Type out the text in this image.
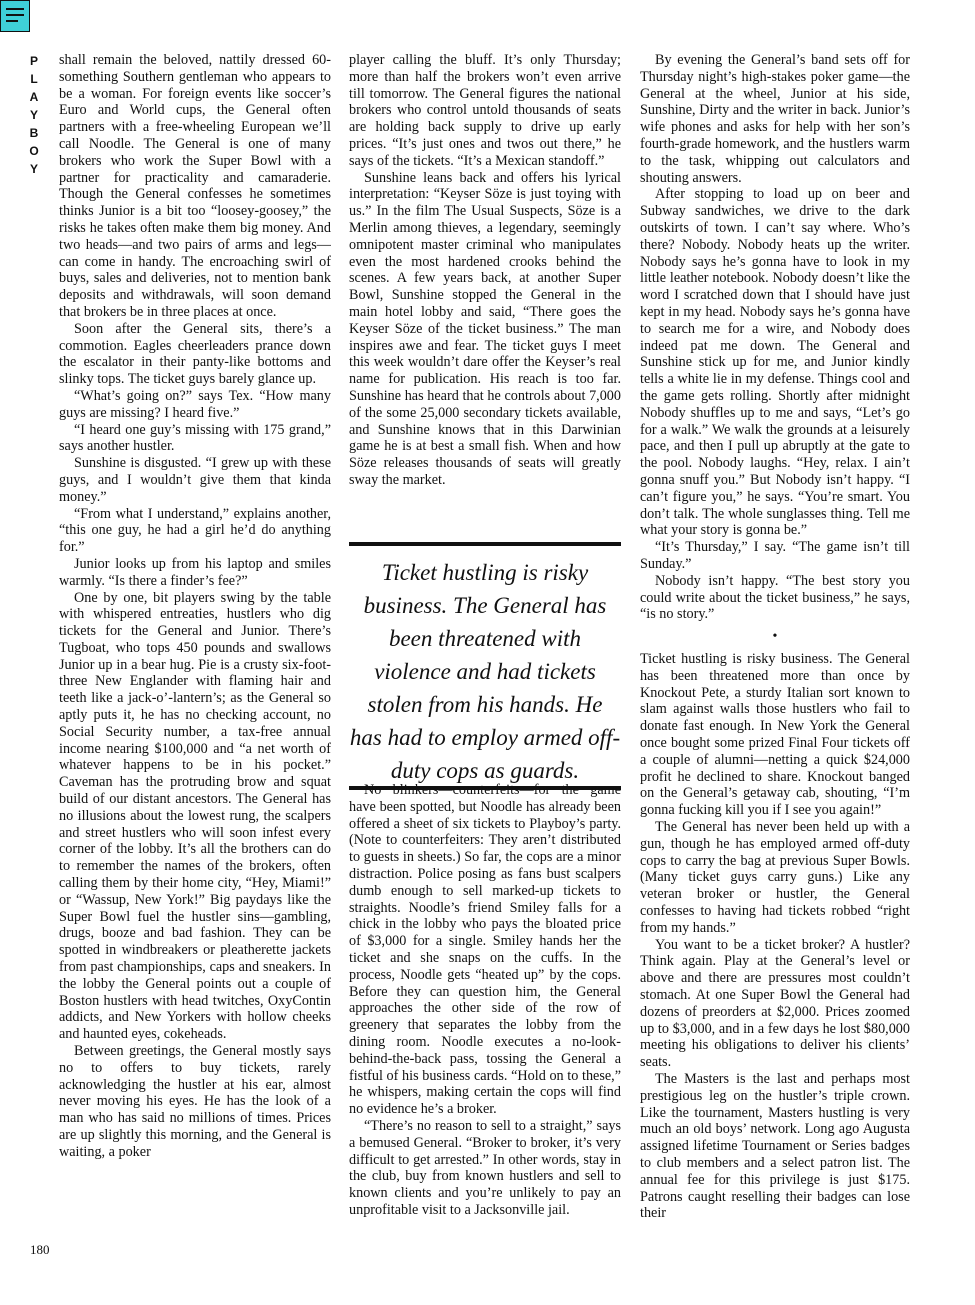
P
L
A
Y
B
O
Y
180

shall remain the beloved, nattily dressed 60-something Southern gentleman who appears to be a woman. For foreign events like soccer’s Euro and World cups, the General often partners with a free-wheeling European we’ll call Noodle. The General is one of many brokers who work the Super Bowl with a partner for practicality and camaraderie. Though the General confesses he sometimes thinks Junior is a bit too “loosey-goosey,” the risks he takes often make them big money. And two heads—and two pairs of arms and legs—can come in handy. The encroaching swirl of buys, sales and deliveries, not to mention bank deposits and withdrawals, will soon demand that brokers be in three places at once.

Soon after the General sits, there’s a commotion. Eagles cheerleaders prance down the escalator in their panty-like bottoms and slinky tops. The ticket guys barely glance up.

“What’s going on?” says Tex. “How many guys are missing? I heard five.”

“I heard one guy’s missing with 175 grand,” says another hustler.

Sunshine is disgusted. “I grew up with these guys, and I wouldn’t give them that kinda money.”

“From what I understand,” explains another, “this one guy, he had a girl he’d do anything for.”

Junior looks up from his laptop and smiles warmly. “Is there a finder’s fee?”

One by one, bit players swing by the table with whispered entreaties, hustlers who dig tickets for the General and Junior. There’s Tugboat, who tops 450 pounds and swallows Junior up in a bear hug. Pie is a crusty six-foot-three New Englander with flaming hair and teeth like a jack-o’-lantern’s; as the General so aptly puts it, he has no checking account, no Social Security number, a tax-free annual income nearing $100,000 and “a net worth of whatever happens to be in his pocket.” Caveman has the protruding brow and squat build of our distant ancestors. The General has no illusions about the lowest rung, the scalpers and street hustlers who will soon infest every corner of the lobby. It’s all the brothers can do to remember the names of the brokers, often calling them by their home city, “Hey, Miami!” or “Wassup, New York!” Big paydays like the Super Bowl fuel the hustler sins—gambling, drugs, booze and bad fashion. They can be spotted in windbreakers or pleatherette jackets from past championships, caps and sneakers. In the lobby the General points out a couple of Boston hustlers with head twitches, OxyContin addicts, and New Yorkers with hollow cheeks and haunted eyes, cokeheads.

Between greetings, the General mostly says no to offers to buy tickets, rarely acknowledging the hustler at his ear, almost never moving his eyes. He has the look of a man who has said no millions of times. Prices are up slightly this morning, and the General is waiting, a poker

player calling the bluff. It’s only Thursday; more than half the brokers won’t even arrive till tomorrow. The General figures the national brokers who control untold thousands of seats are holding back supply to drive up early prices. “It’s just ones and twos out there,” he says of the tickets. “It’s a Mexican standoff.”

Sunshine leans back and offers his lyrical interpretation: “Keyser Söze is just toying with us.” In the film The Usual Suspects, Söze is a Merlin among thieves, a legendary, seemingly omnipotent master criminal who manipulates even the most hardened crooks behind the scenes. A few years back, at another Super Bowl, Sunshine stopped the General in the main hotel lobby and said, “There goes the Keyser Söze of the ticket business.” The man inspires awe and fear. The ticket guys I meet this week wouldn’t dare offer the Keyser’s real name for publication. His reach is too far. Sunshine has heard that he controls about 7,000 of the some 25,000 secondary tickets available, and Sunshine knows that in this Darwinian game he is at best a small fish. When and how Söze releases thousands of seats will greatly sway the market.

Ticket hustling is risky business. The General has been threatened with violence and had tickets stolen from his hands. He has had to employ armed off-duty cops as guards.

No blinkers—counterfeits—for the game have been spotted, but Noodle has already been offered a sheet of six tickets to Playboy’s party. (Note to counterfeiters: They aren’t distributed to guests in sheets.) So far, the cops are a minor distraction. Police posing as fans bust scalpers dumb enough to sell marked-up tickets to straights. Noodle’s friend Smiley falls for a chick in the lobby who pays the bloated price of $3,000 for a single. Smiley hands her the ticket and she snaps on the cuffs. In the process, Noodle gets “heated up” by the cops. Before they can question him, the General approaches the other side of the row of greenery that separates the lobby from the dining room. Noodle executes a no-look-behind-the-back pass, tossing the General a fistful of his business cards. “Hold on to these,” he whispers, making certain the cops will find no evidence he’s a broker.

“There’s no reason to sell to a straight,” says a bemused General. “Broker to broker, it’s very difficult to get arrested.” In other words, stay in the club, buy from known hustlers and sell to known clients and you’re unlikely to pay an unprofitable visit to a Jacksonville jail.

By evening the General’s band sets off for Thursday night’s high-stakes poker game—the General at the wheel, Junior at his side, Sunshine, Dirty and the writer in back. Junior’s wife phones and asks for help with her son’s fourth-grade homework, and the hustlers warm to the task, whipping out calculators and shouting answers.

After stopping to load up on beer and Subway sandwiches, we drive to the dark outskirts of town. I can’t say where. Who’s there? Nobody. Nobody heats up the writer. Nobody says he’s gonna have to look in my little leather notebook. Nobody doesn’t like the word I scratched down that I should have just kept in my head. Nobody says he’s gonna have to search me for a wire, and Nobody does indeed pat me down. The General and Sunshine stick up for me, and Junior kindly tells a white lie in my defense. Things cool and the game gets rolling. Shortly after midnight Nobody shuffles up to me and says, “Let’s go for a walk.” We walk the grounds at a leisurely pace, and then I pull up abruptly at the gate to the pool. Nobody laughs. “Hey, relax. I ain’t gonna snuff you.” But Nobody isn’t happy. “I can’t figure you,” he says. “You’re smart. You don’t talk. The whole sunglasses thing. Tell me what your story is gonna be.”

“It’s Thursday,” I say. “The game isn’t till Sunday.”

Nobody isn’t happy. “The best story you could write about the ticket business,” he says, “is no story.”

•

Ticket hustling is risky business. The General has been threatened more than once by Knockout Pete, a sturdy Italian sort known to slam against walls those hustlers who fail to donate fast enough. In New York the General once bought some prized Final Four tickets off a couple of alumni—netting a quick $24,000 profit he declined to share. Knockout banged on the General’s getaway cab, shouting, “I’m gonna fucking kill you if I see you again!”

The General has never been held up with a gun, though he has employed armed off-duty cops to carry the bag at previous Super Bowls. (Many ticket guys carry guns.) Like any veteran broker or hustler, the General confesses to having had tickets robbed “right from my hands.”

You want to be a ticket broker? A hustler? Think again. Play at the General’s level or above and there are pressures most couldn’t stomach. At one Super Bowl the General had dozens of preorders at $2,000. Prices zoomed up to $3,000, and in a few days he lost $80,000 meeting his obligations to deliver his clients’ seats.

The Masters is the last and perhaps most prestigious leg on the hustler’s triple crown. Like the tournament, Masters hustling is very much an old boys’ network. Long ago Augusta assigned lifetime Tournament or Series badges to club members and a select patron list. The annual fee for this privilege is just $175. Patrons caught reselling their badges can lose their
